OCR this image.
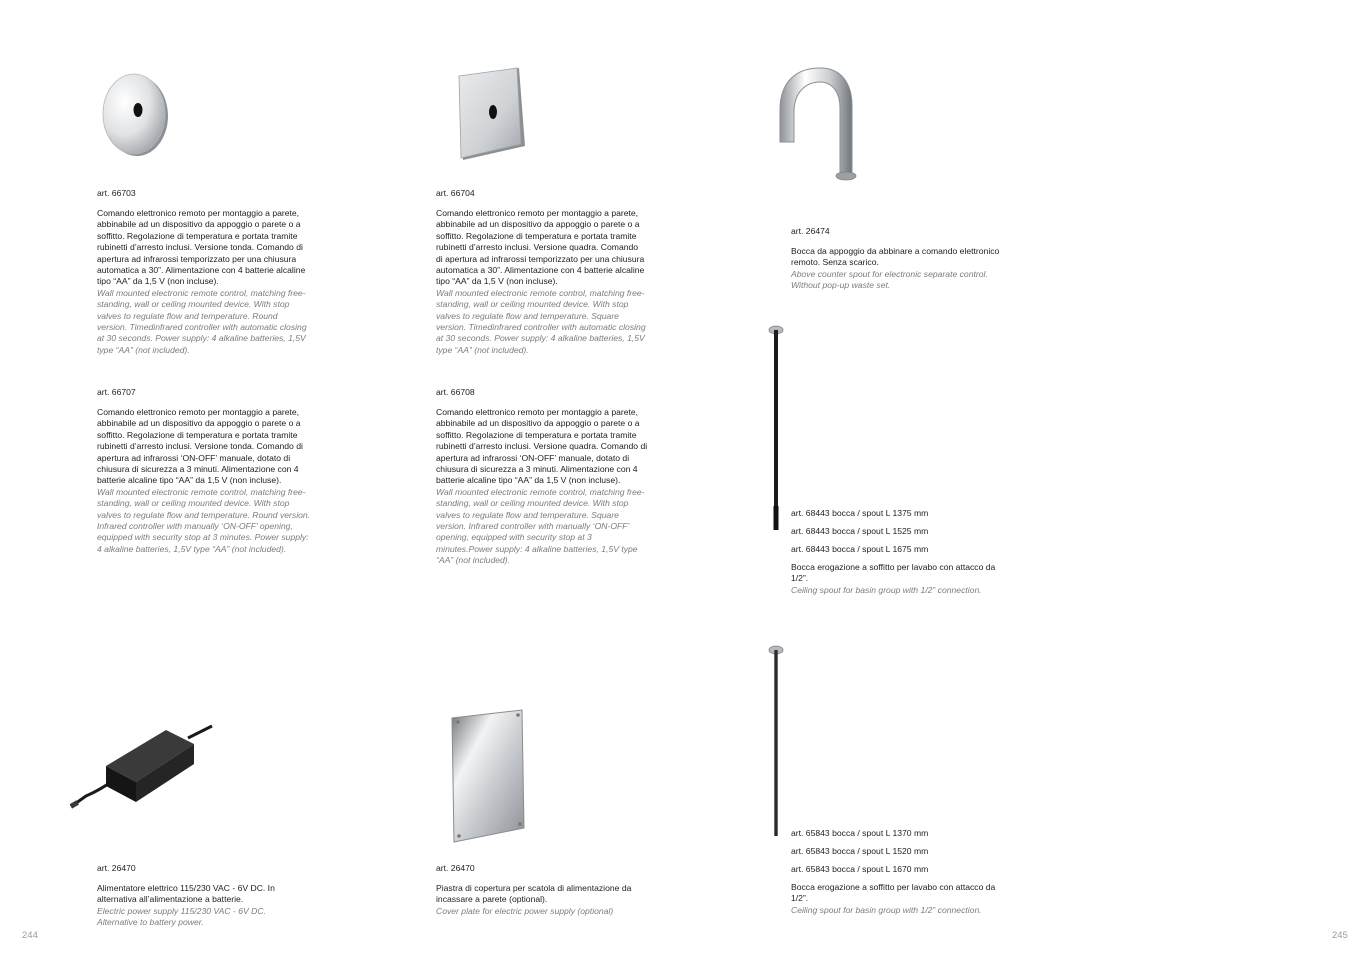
art. 66703

Comando elettronico remoto per montaggio a parete, abbinabile ad un dispositivo da appoggio o parete o a soffitto. Regolazione di temperatura e portata tramite rubinetti d’arresto inclusi. Versione tonda. Comando di apertura ad infrarossi temporizzato per una chiusura automatica a 30”. Alimentazione con 4 batterie alcaline tipo “AA” da 1,5 V (non incluse).

Wall mounted electronic remote control, matching free-standing, wall or ceiling mounted device. With stop valves to regulate flow and temperature. Round version. Timedinfrared controller with automatic closing at 30 seconds. Power supply: 4 alkaline batteries, 1,5V type “AA” (not included).

art. 66704

Comando elettronico remoto per montaggio a parete, abbinabile ad un dispositivo da appoggio o parete o a soffitto. Regolazione di temperatura e portata tramite rubinetti d’arresto inclusi. Versione quadra. Comando di apertura ad infrarossi temporizzato per una chiusura automatica a 30”. Alimentazione con 4 batterie alcaline tipo “AA” da 1,5 V (non incluse).

Wall mounted electronic remote control, matching free-standing, wall or ceiling mounted device. With stop valves to regulate flow and temperature. Square version. Timedinfrared controller with automatic closing at 30 seconds. Power supply: 4 alkaline batteries, 1,5V type “AA” (not included).

art. 66707

Comando elettronico remoto per montaggio a parete, abbinabile ad un dispositivo da appoggio o parete o a soffitto. Regolazione di temperatura e portata tramite rubinetti d’arresto inclusi. Versione tonda. Comando di apertura ad infrarossi ‘ON-OFF’ manuale, dotato di chiusura di sicurezza a 3 minuti. Alimentazione con 4 batterie alcaline tipo “AA” da 1,5 V (non incluse).

Wall mounted electronic remote control, matching free-standing, wall or ceiling mounted device. With stop valves to regulate flow and temperature. Round version. Infrared controller with manually ‘ON-OFF’ opening, equipped with security stop at 3 minutes. Power supply: 4 alkaline batteries, 1,5V type “AA” (not included).

art. 66708

Comando elettronico remoto per montaggio a parete, abbinabile ad un dispositivo da appoggio o parete o a soffitto. Regolazione di temperatura e portata tramite rubinetti d’arresto inclusi. Versione quadra. Comando di apertura ad infrarossi ‘ON-OFF’ manuale, dotato di chiusura di sicurezza a 3 minuti. Alimentazione con 4 batterie alcaline tipo “AA” da 1,5 V (non incluse).

Wall mounted electronic remote control, matching free-standing, wall or ceiling mounted device. With stop valves to regulate flow and temperature. Square version. Infrared controller with manually ‘ON-OFF’ opening, equipped with security stop at 3 minutes.Power supply: 4 alkaline batteries, 1,5V type “AA” (not included).

art. 26474

Bocca da appoggio da abbinare a comando elettronico remoto. Senza scarico.

Above counter spout for electronic separate control. Without pop-up waste set.

art. 68443 bocca / spout L 1375 mm

art. 68443 bocca / spout L 1525 mm

art. 68443 bocca / spout L 1675 mm

Bocca erogazione a soffitto per lavabo con attacco da 1/2”.

Ceiling spout for basin group with 1/2” connection.

art. 26470

Alimentatore elettrico 115/230 VAC - 6V DC. In alternativa all’alimentazione a batterie.

Electric power supply 115/230 VAC - 6V DC. Alternative to battery power.

art. 26470

Piastra di copertura per scatola di alimentazione da incassare a parete (optional).

Cover plate for electric power supply (optional)

art. 65843 bocca / spout L 1370 mm

art. 65843 bocca / spout L 1520 mm

art. 65843 bocca / spout L 1670 mm

Bocca erogazione a soffitto per lavabo con attacco da 1/2”.

Ceiling spout for basin group with 1/2” connection.

244	245
